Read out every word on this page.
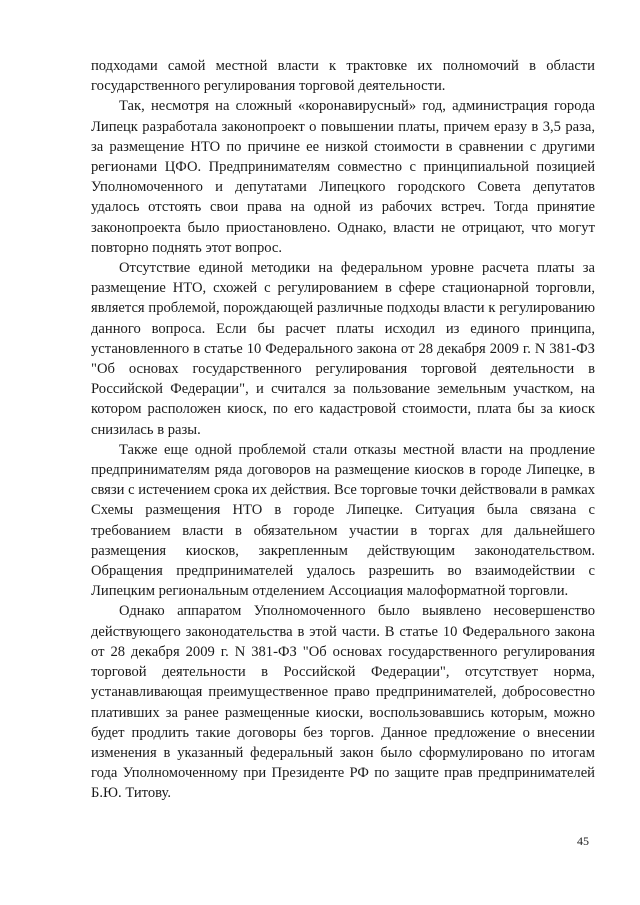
подходами самой местной власти к трактовке их полномочий в области государственного регулирования торговой деятельности.

Так, несмотря на сложный «коронавирусный» год, администрация города Липецк разработала законопроект о повышении платы, причем еразу в 3,5 раза, за размещение НТО по причине ее низкой стоимости в сравнении с другими регионами ЦФО. Предпринимателям совместно с принципиальной позицией Уполномоченного и депутатами Липецкого городского Совета депутатов удалось отстоять свои права на одной из рабочих встреч. Тогда принятие законопроекта было приостановлено. Однако, власти не отрицают, что могут повторно поднять этот вопрос.

Отсутствие единой методики на федеральном уровне расчета платы за размещение НТО, схожей с регулированием в сфере стационарной торговли, является проблемой, порождающей различные подходы власти к регулированию данного вопроса. Если бы расчет платы исходил из единого принципа, установленного в статье 10 Федерального закона от 28 декабря 2009 г. N 381-ФЗ "Об основах государственного регулирования торговой деятельности в Российской Федерации", и считался за пользование земельным участком, на котором расположен киоск, по его кадастровой стоимости, плата бы за киоск снизилась в разы.

Также еще одной проблемой стали отказы местной власти на продление предпринимателям ряда договоров на размещение киосков в городе Липецке, в связи с истечением срока их действия. Все торговые точки действовали в рамках Схемы размещения НТО в городе Липецке. Ситуация была связана с требованием власти в обязательном участии в торгах для дальнейшего размещения киосков, закрепленным действующим законодательством. Обращения предпринимателей удалось разрешить во взаимодействии с Липецким региональным отделением Ассоциация малоформатной торговли.

Однако аппаратом Уполномоченного было выявлено несовершенство действующего законодательства в этой части. В статье 10 Федерального закона от 28 декабря 2009 г. N 381-ФЗ "Об основах государственного регулирования торговой деятельности в Российской Федерации", отсутствует норма, устанавливающая преимущественное право предпринимателей, добросовестно плативших за ранее размещенные киоски, воспользовавшись которым, можно будет продлить такие договоры без торгов. Данное предложение о внесении изменения в указанный федеральный закон было сформулировано по итогам года Уполномоченному при Президенте РФ по защите прав предпринимателей Б.Ю. Титову.

45
